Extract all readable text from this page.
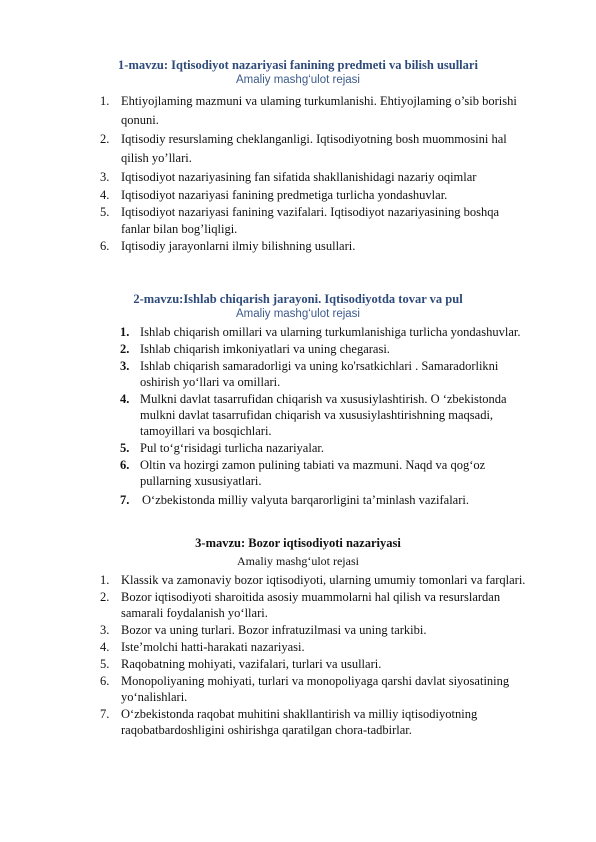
1-mavzu: Iqtisodiyot nazariyasi fanining predmeti va bilish usullari
Amaliy mashg‘ulot rejasi
1. Ehtiyojlaming mazmuni va ulaming turkumlanishi. Ehtiyojlaming o’sib borishi qonuni.
2. Iqtisodiy resurslaming cheklanganligi. Iqtisodiyotning bosh muommosini hal qilish yo’llari.
3. Iqtisodiyot nazariyasining fan sifatida shakllanishidagi nazariy oqimlar
4. Iqtisodiyot nazariyasi fanining predmetiga turlicha yondashuvlar.
5. Iqtisodiyot nazariyasi fanining vazifalari. Iqtisodiyot nazariyasining boshqa fanlar bilan bog’liqligi.
6. Iqtisodiy jarayonlarni ilmiy bilishning usullari.
2-mavzu:Ishlab chiqarish jarayoni. Iqtisodiyotda tovar va pul
Amaliy mashg‘ulot rejasi
1. Ishlab chiqarish omillari va ularning turkumlanishiga turlicha yondashuvlar.
2. Ishlab chiqarish imkoniyatlari va uning chegarasi.
3. Ishlab chiqarish samaradorligi va uning ko'rsatkichlari . Samaradorlikni oshirish yo‘llari va omillari.
4. Mulkni davlat tasarrufidan chiqarish va xususiylashtirish. O ‘zbekistonda mulkni davlat tasarrufidan chiqarish va xususiylashtirishning maqsadi, tamoyillari va bosqichlari.
5. Pul to‘g‘risidagi turlicha nazariyalar.
6. Oltin va hozirgi zamon pulining tabiati va mazmuni. Naqd va qog‘oz pullarning xususiyatlari.
7.	O‘zbekistonda milliy valyuta barqarorligini ta’minlash vazifalari.
3-mavzu: Bozor iqtisodiyoti nazariyasi
Amaliy mashg‘ulot rejasi
1. Klassik va zamonaviy bozor iqtisodiyoti, ularning umumiy tomonlari va farqlari.
2. Bozor iqtisodiyoti sharoitida asosiy muammolarni hal qilish va resurslardan samarali foydalanish yo‘llari.
3. Bozor va uning turlari. Bozor infratuzilmasi va uning tarkibi.
4. Iste’molchi hatti-harakati nazariyasi.
5. Raqobatning mohiyati, vazifalari, turlari va usullari.
6. Monopoliyaning mohiyati, turlari va monopoliyaga qarshi davlat siyosatining yo‘nalishlari.
7. O‘zbekistonda raqobat muhitini shakllantirish va milliy iqtisodiyotning raqobatbardoshligini oshirishga qaratilgan chora-tadbirlar.
